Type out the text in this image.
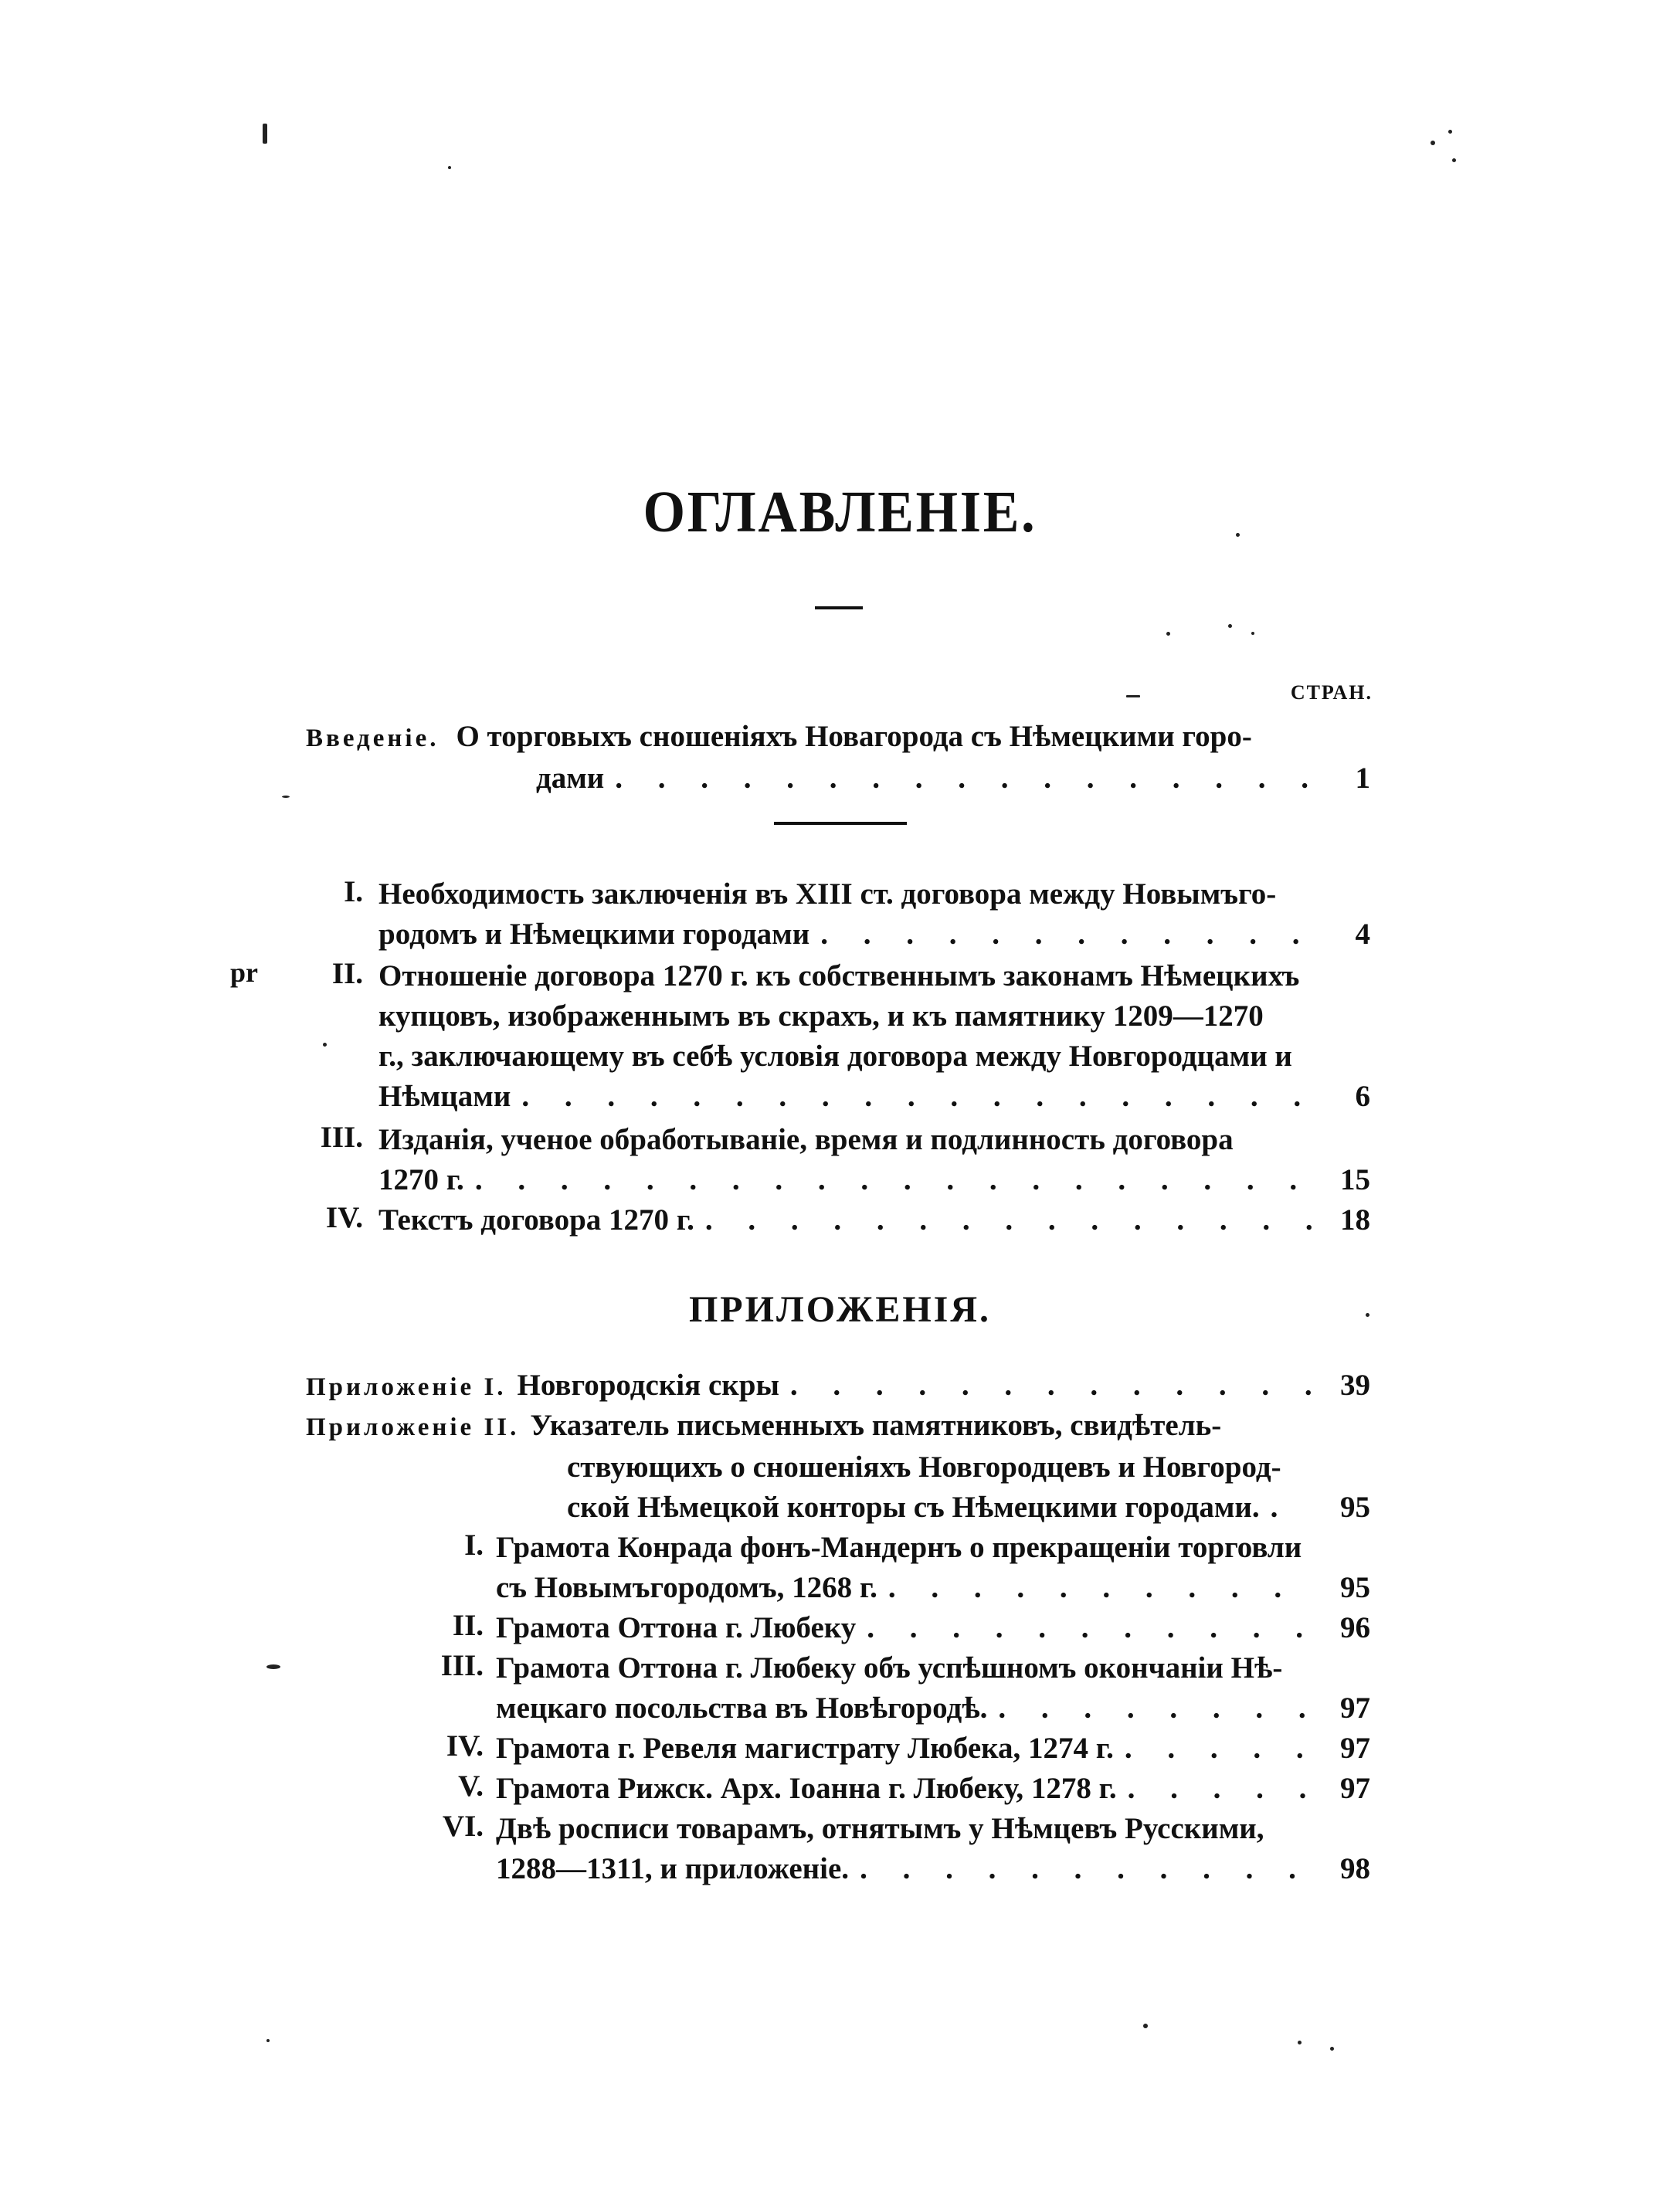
ОГЛАВЛЕНІЕ.
СТРАН.
Введеніе. О торговыхъ сношеніяхъ Новагорода съ Нѣмецкими горо-
дами . . .	1
I. Необходимость заключенія въ XIII ст. договора между Новымъго-
родомъ и Нѣмецкими городами . . .	4
pr	II. Отношеніе договора 1270 г. къ собственнымъ законамъ Нѣмецкихъ
купцовъ, изображеннымъ въ скрахъ, и къ памятнику 1209—1270
г., заключающему въ себѣ условія договора между Новгородцами и
Нѣмцами . . .	6
III. Изданія, ученое обработываніе, время и подлинность договора
1270 г. . . .	15
IV. Текстъ договора 1270 г. . . .	18
ПРИЛОЖЕНІЯ.
Приложеніе I. Новгородскія скры . . .	39
Приложеніе II. Указатель письменныхъ памятниковъ, свидѣтель-
ствующихъ о сношеніяхъ Новгородцевъ и Новгород-
ской Нѣмецкой конторы съ Нѣмецкими городами. . . .	95
I. Грамота Конрада фонъ-Мандернъ о прекращеніи торговли
съ Новымъгородомъ, 1268 г. . . .	95
II. Грамота Оттона г. Любеку . . .	96
III. Грамота Оттона г. Любеку объ успѣшномъ окончаніи Нѣ-
мецкаго посольства въ Новѣгородѣ. . . .	97
IV. Грамота г. Ревеля магистрату Любека, 1274 г. . . .	97
V. Грамота Рижск. Арх. Іоанна г. Любеку, 1278 г. . . .	97
VI. Двѣ росписи товарамъ, отнятымъ у Нѣмцевъ Русскими,
1288—1311, и приложеніе. . . .	98
